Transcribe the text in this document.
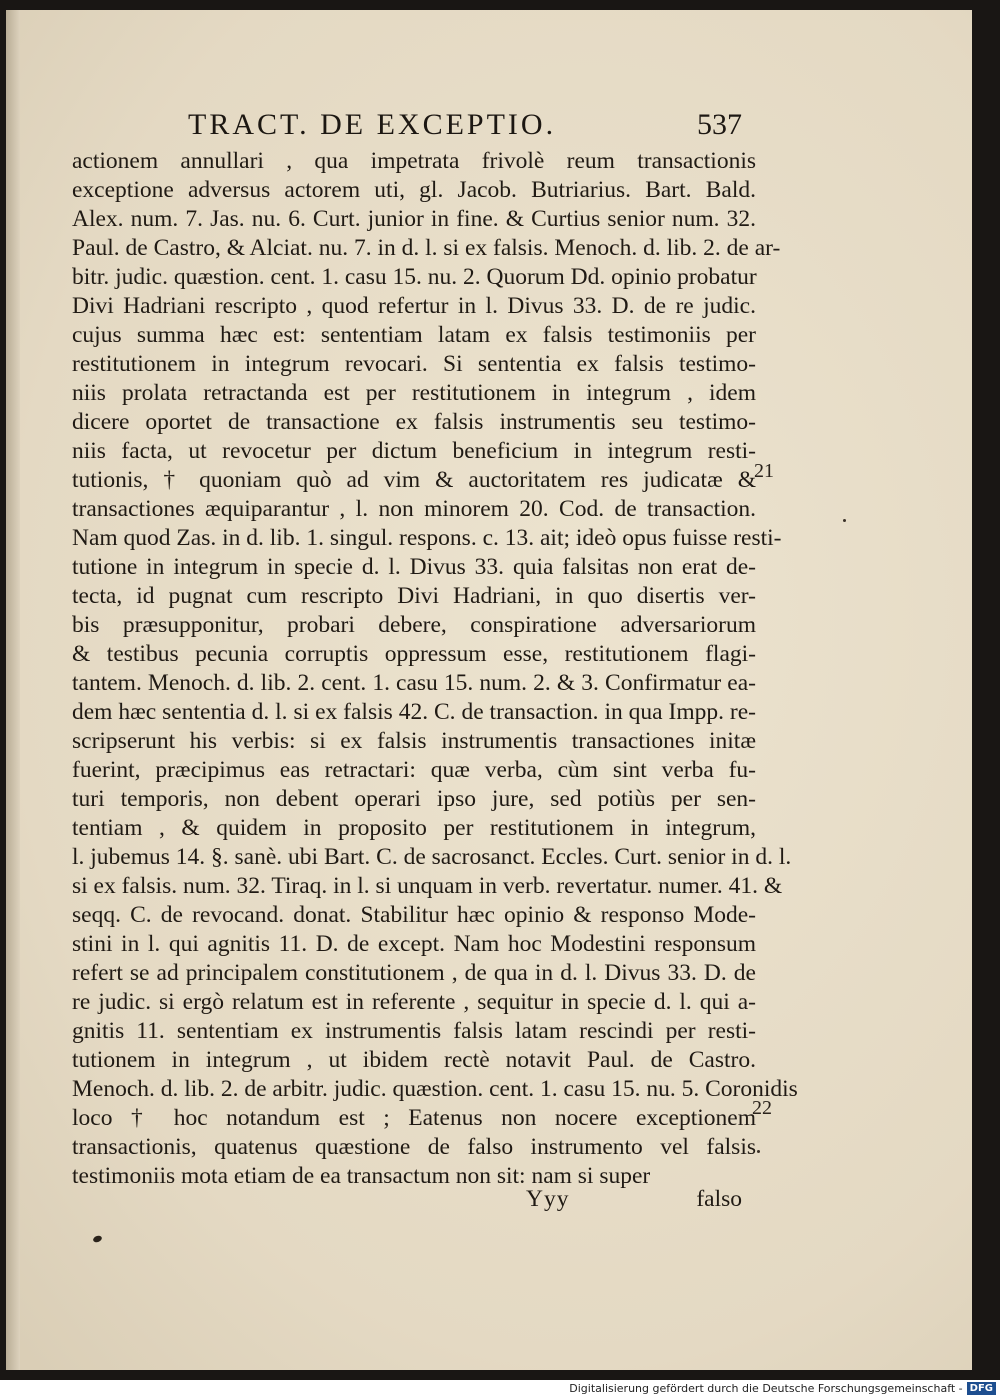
TRACT. DE EXCEPTIO.	537
actionem annullari , qua impetrata frivolè reum transactionis
exceptione adversus actorem uti, gl. Jacob. Butriarius. Bart. Bald.
Alex. num. 7. Jas. nu. 6. Curt. junior in fine. & Curtius senior num. 32.
Paul. de Castro, & Alciat. nu. 7. in d. l. si ex falsis. Menoch. d. lib. 2. de ar-
bitr. judic. quæstion. cent. 1. casu 15. nu. 2. Quorum Dd. opinio probatur
Divi Hadriani rescripto , quod refertur in l. Divus 33. D. de re judic.
cujus summa hæc est: sententiam latam ex falsis testimoniis per
restitutionem in integrum revocari. Si sententia ex falsis testimo-
niis prolata retractanda est per restitutionem in integrum , idem
dicere oportet de transactione ex falsis instrumentis seu testimo-
niis facta, ut revocetur per dictum beneficium in integrum resti-
tutionis, † quoniam quò ad vim & auctoritatem res judicatæ &
transactiones æquiparantur , l. non minorem 20. Cod. de transaction.
Nam quod Zas. in d. lib. 1. singul. respons. c. 13. ait; ideò opus fuisse resti-
tutione in integrum in specie d. l. Divus 33. quia falsitas non erat de-
tecta, id pugnat cum rescripto Divi Hadriani, in quo disertis ver-
bis præsupponitur, probari debere, conspiratione adversariorum
& testibus pecunia corruptis oppressum esse, restitutionem flagi-
tantem. Menoch. d. lib. 2. cent. 1. casu 15. num. 2. & 3. Confirmatur ea-
dem hæc sententia d. l. si ex falsis 42. C. de transaction. in qua Impp. re-
scripserunt his verbis: si ex falsis instrumentis transactiones initæ
fuerint, præcipimus eas retractari: quæ verba, cùm sint verba fu-
turi temporis, non debent operari ipso jure, sed potiùs per sen-
tentiam , & quidem in proposito per restitutionem in integrum,
l. jubemus 14. §. sanè. ubi Bart. C. de sacrosanct. Eccles. Curt. senior in d. l.
si ex falsis. num. 32. Tiraq. in l. si unquam in verb. revertatur. numer. 41. &
seqq. C. de revocand. donat. Stabilitur hæc opinio & responso Mode-
stini in l. qui agnitis 11. D. de except. Nam hoc Modestini responsum
refert se ad principalem constitutionem , de qua in d. l. Divus 33. D. de
re judic. si ergò relatum est in referente , sequitur in specie d. l. qui a-
gnitis 11. sententiam ex instrumentis falsis latam rescindi per resti-
tutionem in integrum , ut ibidem rectè notavit Paul. de Castro.
Menoch. d. lib. 2. de arbitr. judic. quæstion. cent. 1. casu 15. nu. 5. Coronidis
loco † hoc notandum est ; Eatenus non nocere exceptionem
transactionis, quatenus quæstione de falso instrumento vel falsis
testimoniis mota etiam de ea transactum non sit: nam si super
21
22
Yyy	falso
Digitalisierung gefördert durch die Deutsche Forschungsgemeinschaft - DFG
